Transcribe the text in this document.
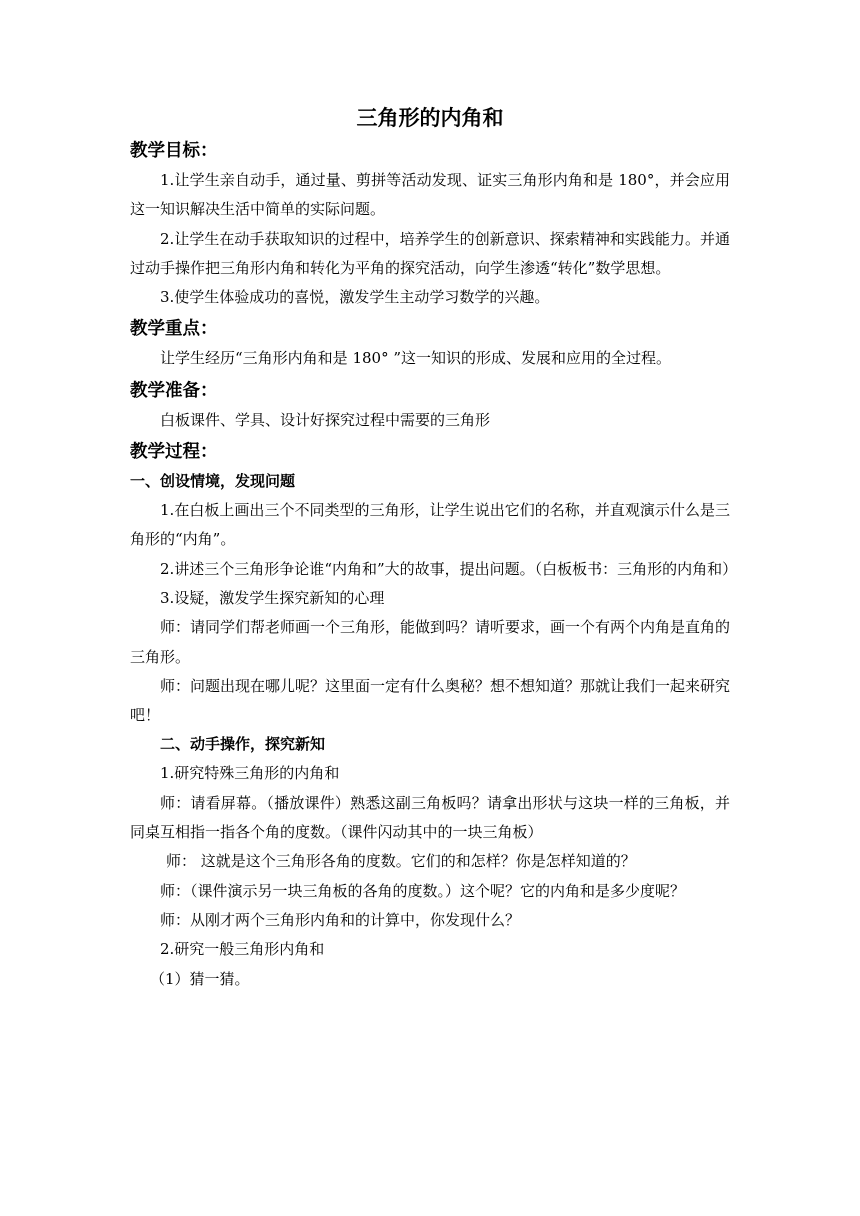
三角形的内角和

教学目标：

1.让学生亲自动手，通过量、剪拼等活动发现、证实三角形内角和是 180°，并会应用这一知识解决生活中简单的实际问题。

2.让学生在动手获取知识的过程中，培养学生的创新意识、探索精神和实践能力。并通过动手操作把三角形内角和转化为平角的探究活动，向学生渗透“转化”数学思想。

3.使学生体验成功的喜悦，激发学生主动学习数学的兴趣。

教学重点：

让学生经历“三角形内角和是 180° ”这一知识的形成、发展和应用的全过程。

教学准备：

白板课件、学具、设计好探究过程中需要的三角形

教学过程：

一、创设情境，发现问题

1.在白板上画出三个不同类型的三角形，让学生说出它们的名称，并直观演示什么是三角形的“内角”。

2.讲述三个三角形争论谁“内角和”大的故事，提出问题。（白板板书：三角形的内角和）

3.设疑，激发学生探究新知的心理

师：请同学们帮老师画一个三角形，能做到吗？请听要求，画一个有两个内角是直角的三角形。

师：问题出现在哪儿呢？这里面一定有什么奥秘？想不想知道？那就让我们一起来研究吧！

二、动手操作，探究新知

1.研究特殊三角形的内角和

师：请看屏幕。（播放课件）熟悉这副三角板吗？请拿出形状与这块一样的三角板，并同桌互相指一指各个角的度数。（课件闪动其中的一块三角板）

师： 这就是这个三角形各角的度数。它们的和怎样？你是怎样知道的？

师：（课件演示另一块三角板的各角的度数。）这个呢？它的内角和是多少度呢？

师：从刚才两个三角形内角和的计算中，你发现什么？

2.研究一般三角形内角和

（1）猜一猜。
